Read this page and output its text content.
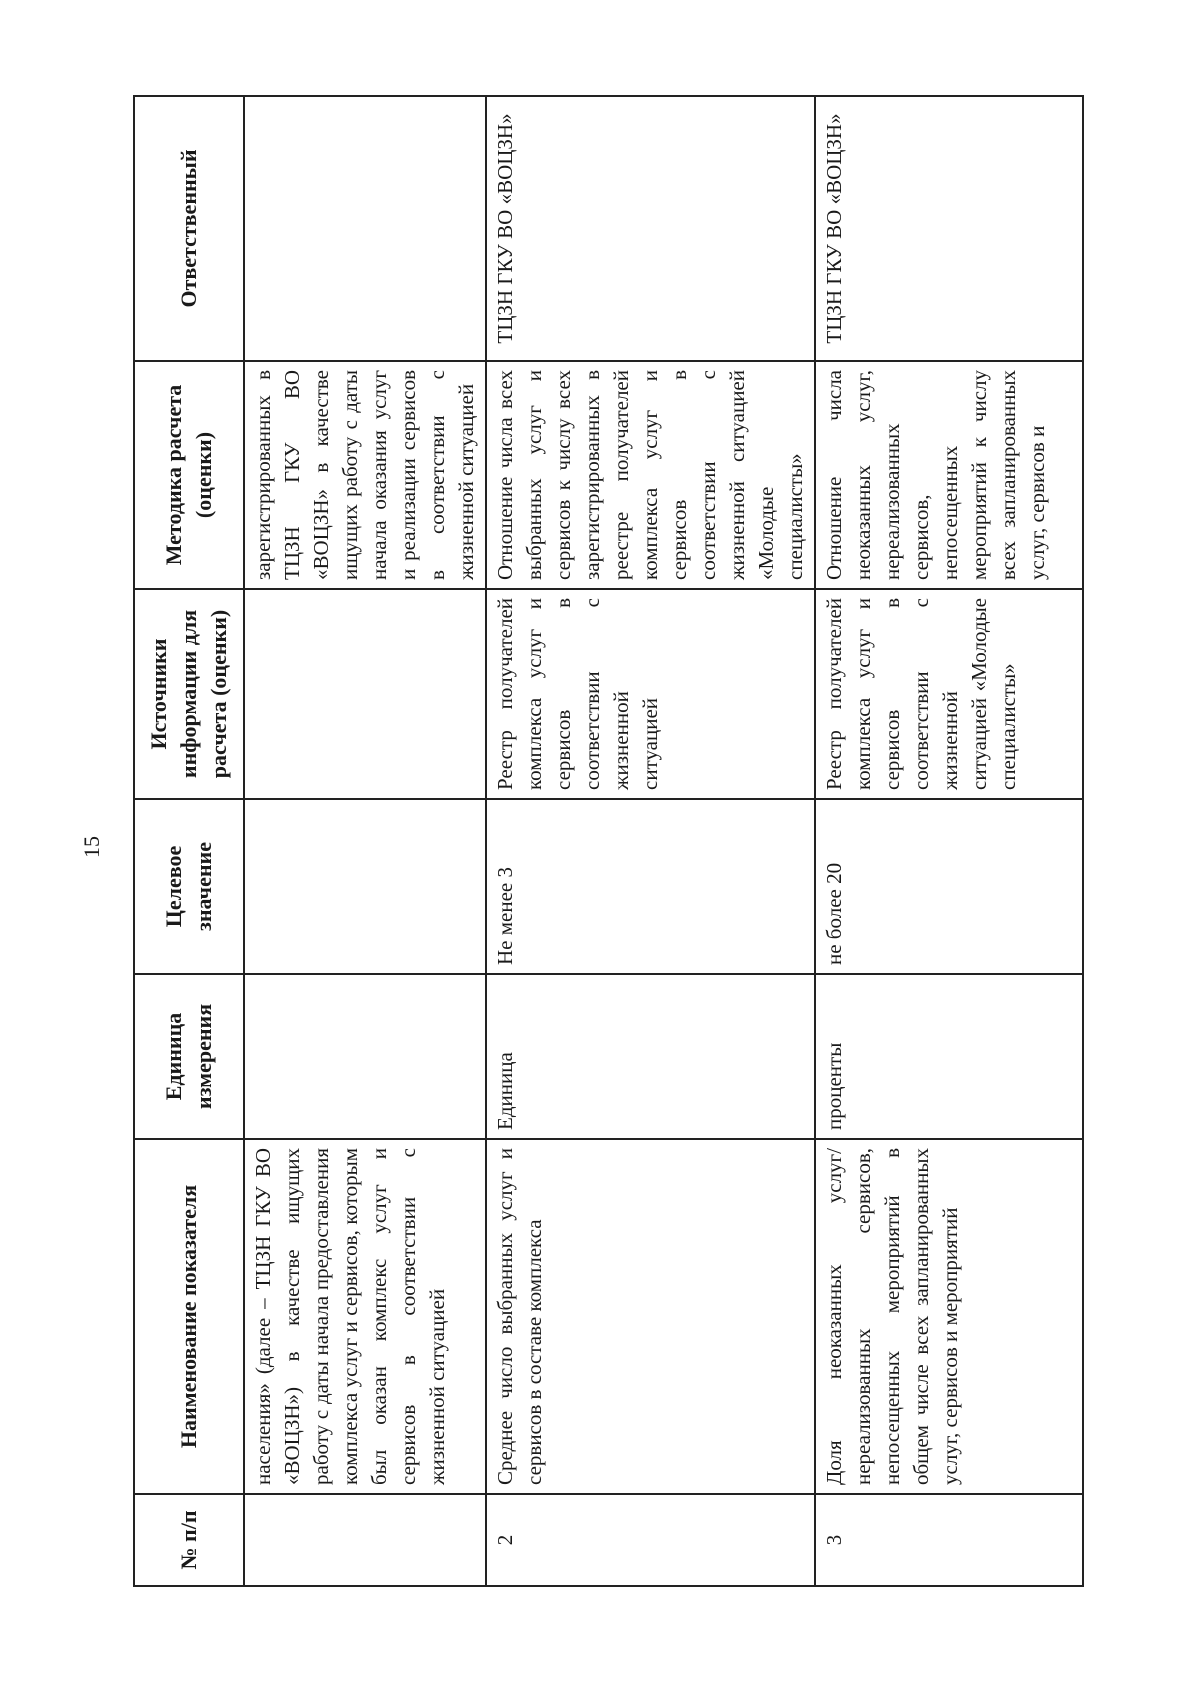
15
№ п/п	Наименование показателя	Единица измерения	Целевое значение	Источники информации для расчета (оценки)	Методика расчета (оценки)	Ответственный
	населения» (далее – ТЦЗН ГКУ ВО «ВОЦЗН») в качестве ищущих работу с даты начала предоставления комплекса услуг и сервисов, которым был оказан комплекс услуг и сервисов в соответствии с жизненной ситуацией				зарегистрированных в ТЦЗН ГКУ ВО «ВОЦЗН» в качестве ищущих работу с даты начала оказания услуг и реализации сервисов в соответствии с жизненной ситуацией	
2	Среднее число выбранных услуг и сервисов в составе комплекса	Единица	Не менее 3	Реестр получателей комплекса услуг и сервисов в соответствии с жизненной ситуацией	Отношение числа всех выбранных услуг и сервисов к числу всех зарегистрированных в реестре получателей комплекса услуг и сервисов в соответствии с жизненной ситуацией «Молодые специалисты»	ТЦЗН ГКУ ВО «ВОЦЗН»
3	Доля неоказанных услуг/нереализованных сервисов, непосещенных мероприятий в общем числе всех запланированных услуг, сервисов и мероприятий	проценты	не более 20	Реестр получателей комплекса услуг и сервисов в соответствии с жизненной ситуацией «Молодые специалисты»	Отношение числа неоказанных услуг, нереализованных сервисов, непосещенных мероприятий к числу всех запланированных услуг, сервисов и	ТЦЗН ГКУ ВО «ВОЦЗН»
